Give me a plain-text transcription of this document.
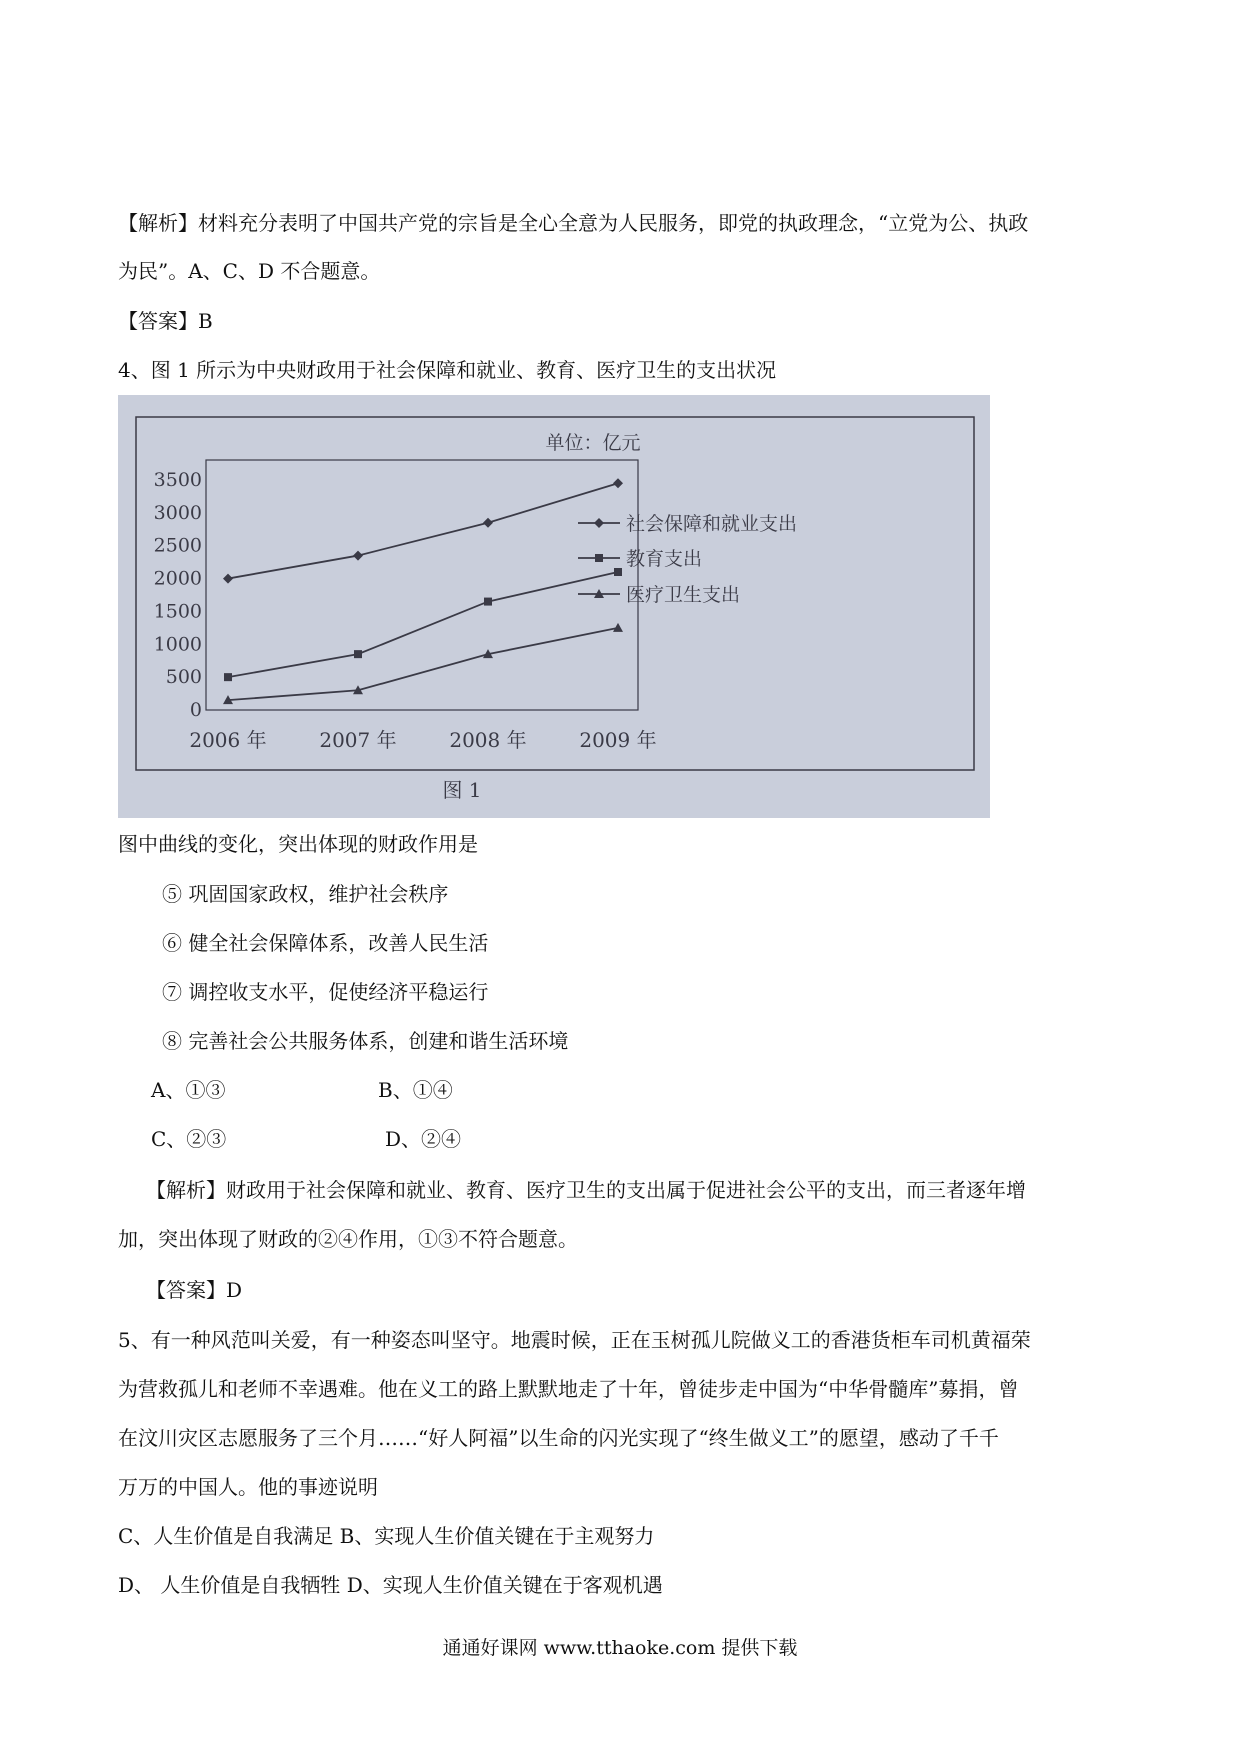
【解析】材料充分表明了中国共产党的宗旨是全心全意为人民服务，即党的执政理念，“立党为公、执政
为民”。A、C、D 不合题意。
【答案】B
4、图 1 所示为中央财政用于社会保障和就业、教育、医疗卫生的支出状况
单位：亿元
0
500
1000
1500
2000
2500
3000
3500
2006 年	2007 年	2008 年	2009 年
社会保障和就业支出
教育支出
医疗卫生支出
图 1
图中曲线的变化，突出体现的财政作用是
⑤ 巩固国家政权，维护社会秩序
⑥ 健全社会保障体系，改善人民生活
⑦ 调控收支水平，促使经济平稳运行
⑧ 完善社会公共服务体系，创建和谐生活环境
A、①③	B、①④
C、②③	D、②④
【解析】财政用于社会保障和就业、教育、医疗卫生的支出属于促进社会公平的支出，而三者逐年增
加，突出体现了财政的②④作用，①③不符合题意。
【答案】D
5、有一种风范叫关爱，有一种姿态叫坚守。地震时候，正在玉树孤儿院做义工的香港货柜车司机黄福荣
为营救孤儿和老师不幸遇难。他在义工的路上默默地走了十年，曾徒步走中国为“中华骨髓库”募捐，曾
在汶川灾区志愿服务了三个月……“好人阿福”以生命的闪光实现了“终生做义工”的愿望，感动了千千
万万的中国人。他的事迹说明
C、人生价值是自我满足 B、实现人生价值关键在于主观努力
D、 人生价值是自我牺牲 D、实现人生价值关键在于客观机遇
通通好课网 www.tthaoke.com 提供下载
